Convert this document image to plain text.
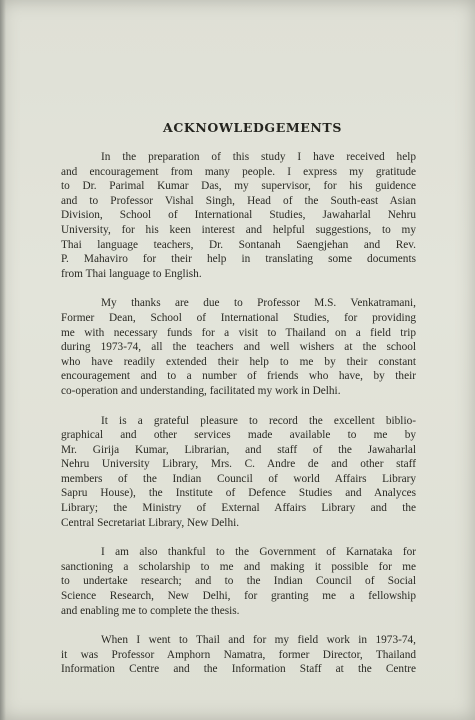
ACKNOWLEDGEMENTS
In the preparation of this study I have received help
and encouragement from many people. I express my gratitude
to Dr. Parimal Kumar Das, my supervisor, for his guidence
and to Professor Vishal Singh, Head of the South-east Asian
Division, School of International Studies, Jawaharlal Nehru
University, for his keen interest and helpful suggestions, to my
Thai language teachers, Dr. Sontanah Saengjehan and Rev.
P. Mahaviro for their help in translating some documents
from Thai language to English.
My thanks are due to Professor M.S. Venkatramani,
Former Dean, School of International Studies, for providing
me with necessary funds for a visit to Thailand on a field trip
during 1973-74, all the teachers and well wishers at the school
who have readily extended their help to me by their constant
encouragement and to a number of friends who have, by their
co-operation and understanding, facilitated my work in Delhi.
It is a grateful pleasure to record the excellent biblio-
graphical and other services made available to me by
Mr. Girija Kumar, Librarian, and staff of the Jawaharlal
Nehru University Library, Mrs. C. Andre de and other staff
members of the Indian Council of world Affairs Library
Sapru House), the Institute of Defence Studies and Analyces
Library; the Ministry of External Affairs Library and the
Central Secretariat Library, New Delhi.
I am also thankful to the Government of Karnataka for
sanctioning a scholarship to me and making it possible for me
to undertake research; and to the Indian Council of Social
Science Research, New Delhi, for granting me a fellowship
and enabling me to complete the thesis.
When I went to Thail and for my field work in 1973-74,
it was Professor Amphorn Namatra, former Director, Thailand
Information Centre and the Information Staff at the Centre
